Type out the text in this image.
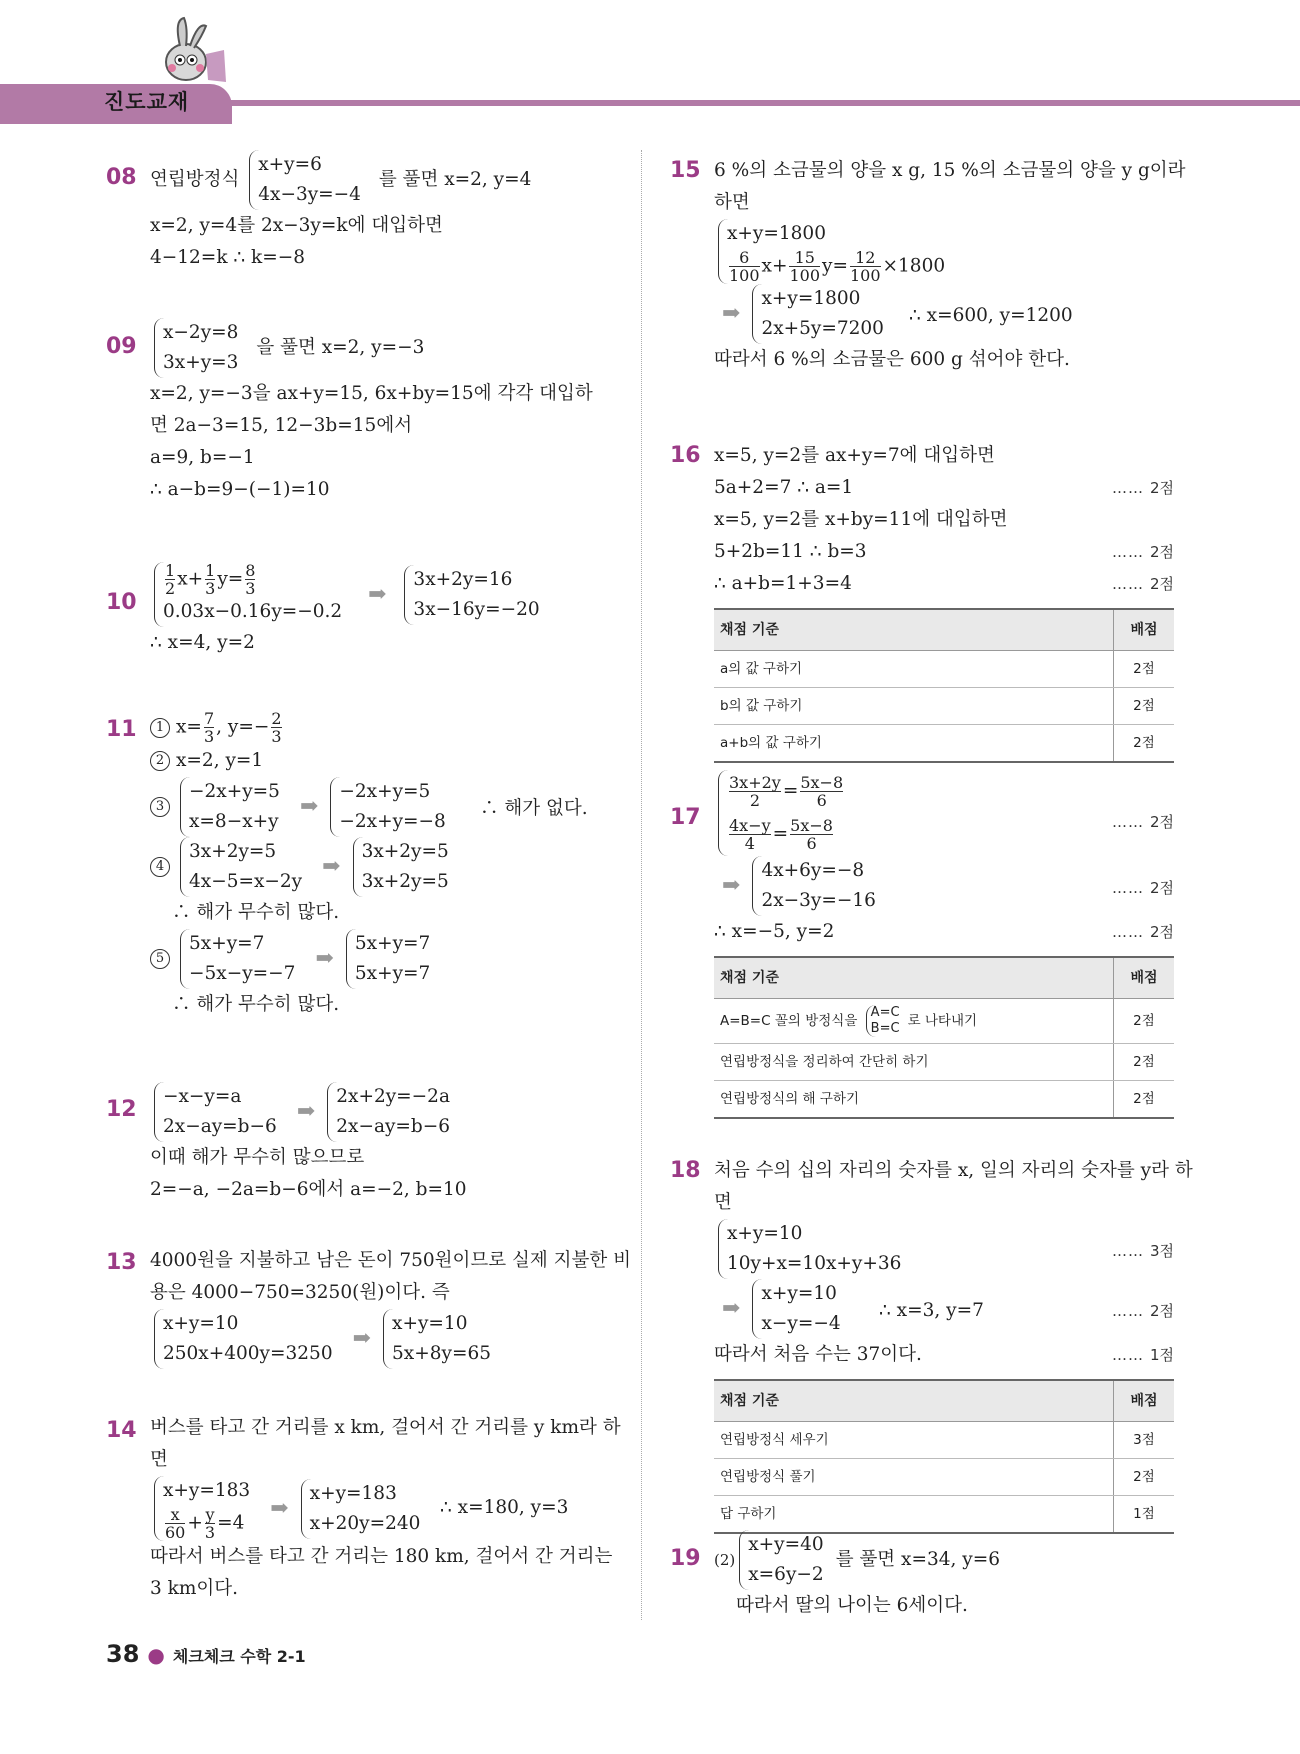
진도교재
08 연립방정식
x+y=6
4x−3y=−4
를 풀면 x=2, y=4
x=2, y=4를 2x−3y=k에 대입하면
4−12=k ∴ k=−8
09
x−2y=8
3x+y=3
을 풀면 x=2, y=−3
x=2, y=−3을 ax+y=15, 6x+by=15에 각각 대입하
면 2a−3=15, 12−3b=15에서
a=9, b=−1
∴ a−b=9−(−1)=10
10
$\frac{1}{2} x+ \frac{1}{3} y= \frac{8}{3}$
0.03x−0.16y=−0.2
➡
3x+2y=16
3x−16y=−20
∴ x=4, y=2
11	1 $x= \frac{7}{3}$ , $y=- \frac{2}{3}$
2 x=2, y=1
3
−2x+y=5
x=8−x+y
➡
−2x+y=5
−2x+y=−8
∴ 해가 없다.
4
3x+2y=5
4x−5=x−2y
➡
3x+2y=5
3x+2y=5
∴ 해가 무수히 많다.
5
5x+y=7
−5x−y=−7
➡
5x+y=7
5x+y=7
∴ 해가 무수히 많다.
12
−x−y=a
2x−ay=b−6
➡
2x+2y=−2a
2x−ay=b−6
이때 해가 무수히 많으므로
2=−a, −2a=b−6에서 a=−2, b=10
13 4000원을 지불하고 남은 돈이 750원이므로 실제 지불한 비
용은 4000−750=3250(원)이다. 즉
x+y=10
250x+400y=3250
➡
x+y=10
5x+8y=65
14 버스를 타고 간 거리를 x km, 걸어서 간 거리를 y km라 하
면
x+y=183
$\frac{x}{60} + \frac{y}{3} =4$
➡
x+y=183
x+20y=240
∴ x=180, y=3
따라서 버스를 타고 간 거리는 180 km, 걸어서 간 거리는
3 km이다.
15 6 %의 소금물의 양을 x g, 15 %의 소금물의 양을 y g이라
하면
x+y=1800
$\frac{6}{100} x+ \frac{15}{100} y= \frac{12}{100} \times 1800$
➡
x+y=1800
2x+5y=7200
∴ x=600, y=1200
따라서 6 %의 소금물은 600 g 섞어야 한다.
16 x=5, y=2를 ax+y=7에 대입하면
5a+2=7 ∴ a=1	…… 2점
x=5, y=2를 x+by=11에 대입하면
5+2b=11 ∴ b=3	…… 2점
∴ a+b=1+3=4	…… 2점
채점 기준	배점
a의 값 구하기	2점
b의 값 구하기	2점
a+b의 값 구하기	2점
17
$\frac{3x+2y}{2} = \frac{5x-8}{6}$
$\frac{4x-y}{4} = \frac{5x-8}{6}$	…… 2점
➡
4x+6y=−8
2x−3y=−16
…… 2점
∴ x=−5, y=2	…… 2점
채점 기준	배점
A=B=C 꼴의 방정식을
A=C
B=C 로 나타내기	2점
연립방정식을 정리하여 간단히 하기	2점
연립방정식의 해 구하기	2점
18 처음 수의 십의 자리의 숫자를 x, 일의 자리의 숫자를 y라 하
면
x+y=10
10y+x=10x+y+36
…… 3점
➡
x+y=10
x−y=−4
∴ x=3, y=7	…… 2점
따라서 처음 수는 37이다.	…… 1점
채점 기준	배점
연립방정식 세우기	3점
연립방정식 풀기	2점
답 구하기	1점
19 (2)
x+y=40
x=6y−2
를 풀면 x=34, y=6
따라서 딸의 나이는 6세이다.
38 ● 체크체크 수학 2-1
